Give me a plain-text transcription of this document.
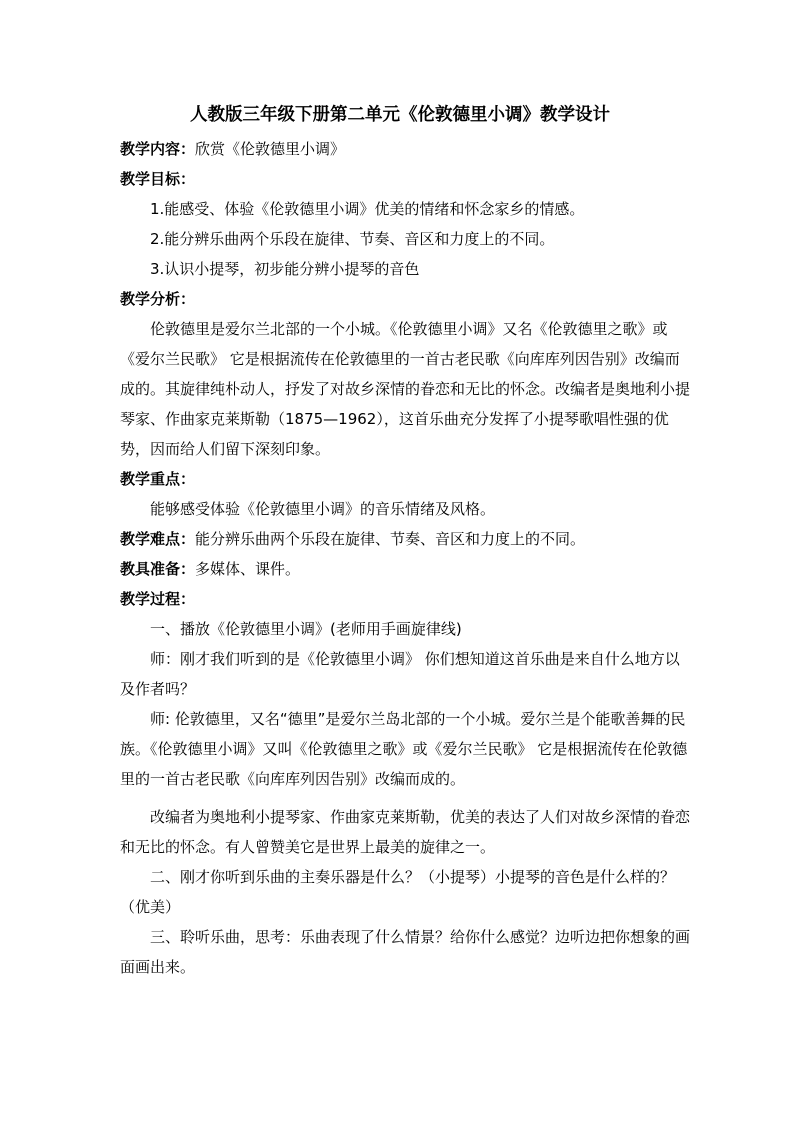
人教版三年级下册第二单元《伦敦德里小调》教学设计

教学内容：欣赏《伦敦德里小调》

教学目标：

1.能感受、体验《伦敦德里小调》优美的情绪和怀念家乡的情感。

2.能分辨乐曲两个乐段在旋律、节奏、音区和力度上的不同。

3.认识小提琴，初步能分辨小提琴的音色

教学分析：

伦敦德里是爱尔兰北部的一个小城。《伦敦德里小调》又名《伦敦德里之歌》或《爱尔兰民歌》 它是根据流传在伦敦德里的一首古老民歌《向库库列因告别》改编而成的。其旋律纯朴动人，抒发了对故乡深情的眷恋和无比的怀念。改编者是奥地利小提琴家、作曲家克莱斯勒（1875—1962），这首乐曲充分发挥了小提琴歌唱性强的优势，因而给人们留下深刻印象。

教学重点：

能够感受体验《伦敦德里小调》的音乐情绪及风格。

教学难点：能分辨乐曲两个乐段在旋律、节奏、音区和力度上的不同。

教具准备：多媒体、课件。

教学过程：

一、播放《伦敦德里小调》(老师用手画旋律线)

师：刚才我们听到的是《伦敦德里小调》 你们想知道这首乐曲是来自什么地方以及作者吗？

师: 伦敦德里，又名“德里”是爱尔兰岛北部的一个小城。爱尔兰是个能歌善舞的民族。《伦敦德里小调》又叫《伦敦德里之歌》或《爱尔兰民歌》 它是根据流传在伦敦德里的一首古老民歌《向库库列因告别》改编而成的。

改编者为奥地利小提琴家、作曲家克莱斯勒，优美的表达了人们对故乡深情的眷恋和无比的怀念。有人曾赞美它是世界上最美的旋律之一。

二、刚才你听到乐曲的主奏乐器是什么？（小提琴）小提琴的音色是什么样的？（优美）

三、聆听乐曲，思考：乐曲表现了什么情景？给你什么感觉？边听边把你想象的画面画出来。
